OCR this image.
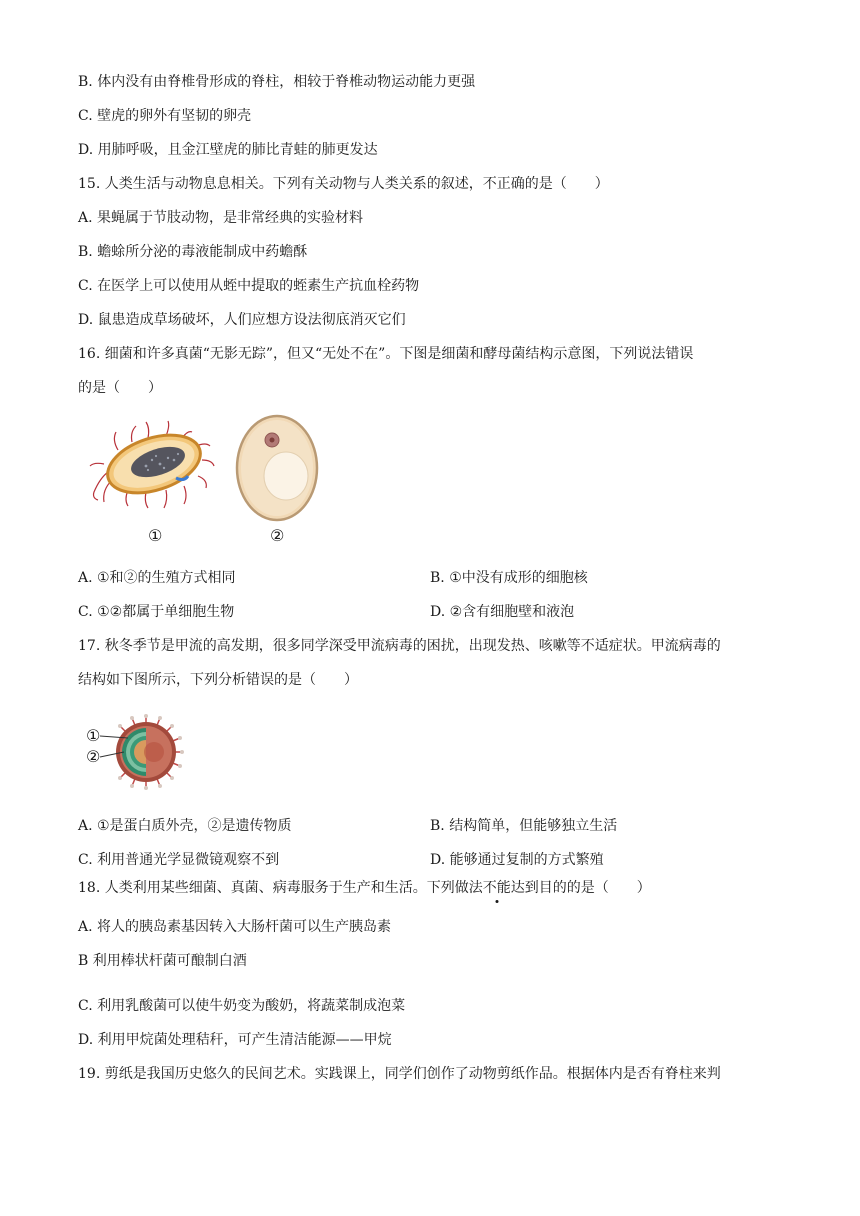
B. 体内没有由脊椎骨形成的脊柱，相较于脊椎动物运动能力更强
C. 壁虎的卵外有坚韧的卵壳
D. 用肺呼吸，且金江壁虎的肺比青蛙的肺更发达
15. 人类生活与动物息息相关。下列有关动物与人类关系的叙述，不正确的是（　　）
A. 果蝇属于节肢动物，是非常经典的实验材料
B. 蟾蜍所分泌的毒液能制成中药蟾酥
C. 在医学上可以使用从蛭中提取的蛭素生产抗血栓药物
D. 鼠患造成草场破坏，人们应想方设法彻底消灭它们
16. 细菌和许多真菌“无影无踪”，但又“无处不在”。下图是细菌和酵母菌结构示意图，下列说法错误
的是（　　）
①	②
A. ①和②的生殖方式相同	B. ①中没有成形的细胞核
C. ①②都属于单细胞生物	D. ②含有细胞壁和液泡
17. 秋冬季节是甲流的高发期，很多同学深受甲流病毒的困扰，出现发热、咳嗽等不适症状。甲流病毒的
结构如下图所示，下列分析错误的是（　　）
①
②
A. ①是蛋白质外壳，②是遗传物质	B. 结构简单，但能够独立生活
C. 利用普通光学显微镜观察不到	D. 能够通过复制的方式繁殖
18. 人类利用某些细菌、真菌、病毒服务于生产和生活。下列做法不能达到目的的是（　　）
A. 将人的胰岛素基因转入大肠杆菌可以生产胰岛素
B 利用棒状杆菌可酿制白酒
C. 利用乳酸菌可以使牛奶变为酸奶，将蔬菜制成泡菜
D. 利用甲烷菌处理秸秆，可产生清洁能源——甲烷
19. 剪纸是我国历史悠久的民间艺术。实践课上，同学们创作了动物剪纸作品。根据体内是否有脊柱来判
